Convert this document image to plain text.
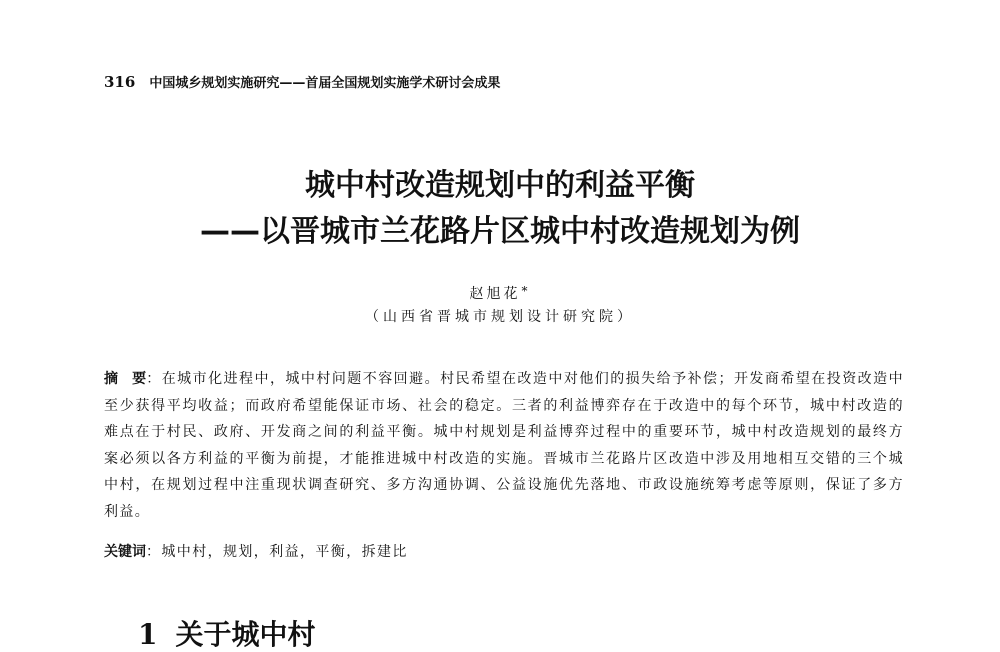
316 中国城乡规划实施研究——首届全国规划实施学术研讨会成果
城中村改造规划中的利益平衡
——以晋城市兰花路片区城中村改造规划为例
赵旭花*
（山西省晋城市规划设计研究院）
摘 要：在城市化进程中，城中村问题不容回避。村民希望在改造中对他们的损失给予补偿；开发商希望在投资改造中至少获得平均收益；而政府希望能保证市场、社会的稳定。三者的利益博弈存在于改造中的每个环节，城中村改造的难点在于村民、政府、开发商之间的利益平衡。城中村规划是利益博弈过程中的重要环节，城中村改造规划的最终方案必须以各方利益的平衡为前提，才能推进城中村改造的实施。晋城市兰花路片区改造中涉及用地相互交错的三个城中村，在规划过程中注重现状调查研究、多方沟通协调、公益设施优先落地、市政设施统筹考虑等原则，保证了多方利益。
关键词：城中村，规划，利益，平衡，拆建比
1 关于城中村
